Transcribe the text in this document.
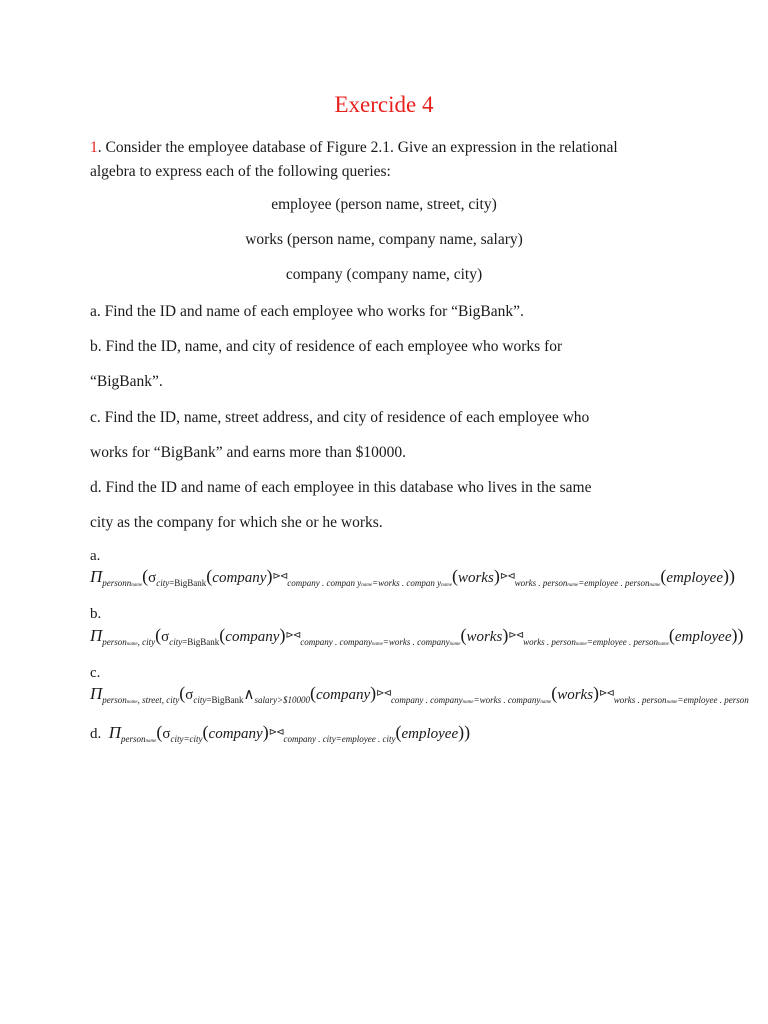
Exercide 4
1. Consider the employee database of Figure 2.1. Give an expression in the relational
algebra to express each of the following queries:
employee (person name, street, city)
works (person name, company name, salary)
company (company name, city)
a. Find the ID and name of each employee who works for “BigBank”.
b. Find the ID, name, and city of residence of each employee who works for
“BigBank”.
c. Find the ID, name, street address, and city of residence of each employee who
works for “BigBank” and earns more than $10000.
d. Find the ID and name of each employee in this database who lives in the same
city as the company for which she or he works.
a.
$\Pi_{personnname}(\sigma_{city=BigBank}(company)^{⊳⊲}_{company . compan yname=works . compan yname}(works)^{⊳⊲}_{works . personname=employee . personname}(employee))$
b.
$\Pi_{personname, city}(\sigma_{city=BigBank}(company)^{⊳⊲}_{company . companyname=works . companyname}(works)^{⊳⊲}_{works . personname=employee . personname}(employee))$
c.
$\Pi_{personname, street, city}(\sigma_{city=BigBank}\wedge_{salary>\$10000}(company)^{⊳⊲}_{company . companyname=works . companyname}(works)^{⊳⊲}_{works . personname=employee . person}$
d. $\Pi_{personname}(\sigma_{city=city}(company)^{⊳⊲}_{company . city=employee . city}(employee))$
